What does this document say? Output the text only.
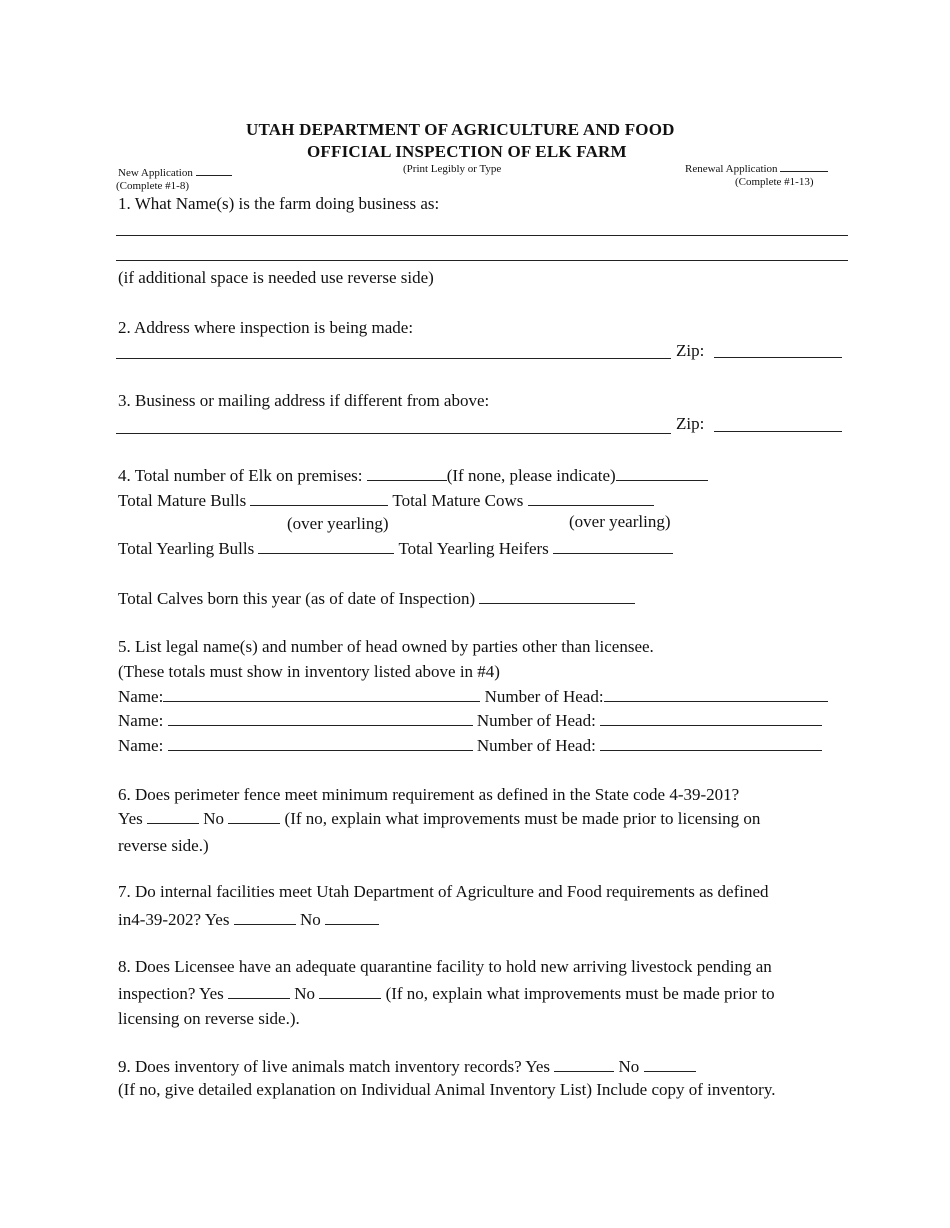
UTAH DEPARTMENT OF AGRICULTURE AND FOOD
OFFICIAL INSPECTION OF ELK FARM
(Print Legibly or Type
New Application
(Complete #1-8)
Renewal Application
(Complete #1-13)
1. What Name(s) is the farm doing business as:
(if additional space is needed use reverse side)
2. Address where inspection is being made:
Zip:
3. Business or mailing address if different from above:
Zip:
4. Total number of Elk on premises:	(If none, please indicate)
Total Mature Bulls	Total Mature Cows
(over yearling)	(over yearling)
Total Yearling Bulls	Total Yearling Heifers
Total Calves born this year (as of date of Inspection)
5. List legal name(s) and number of head owned by parties other than licensee.
(These totals must show in inventory listed above in #4)
Name:	Number of Head:
Name:	Number of Head:
Name:	Number of Head:
6. Does perimeter fence meet minimum requirement as defined in the State code 4-39-201?
Yes	No	(If no, explain what improvements must be made prior to licensing on
reverse side.)
7. Do internal facilities meet Utah Department of Agriculture and Food requirements as defined
in4-39-202? Yes	No
8. Does Licensee have an adequate quarantine facility to hold new arriving livestock pending an
inspection? Yes	No	(If no, explain what improvements must be made prior to
licensing on reverse side.).
9. Does inventory of live animals match inventory records? Yes	No
(If no, give detailed explanation on Individual Animal Inventory List) Include copy of inventory.
